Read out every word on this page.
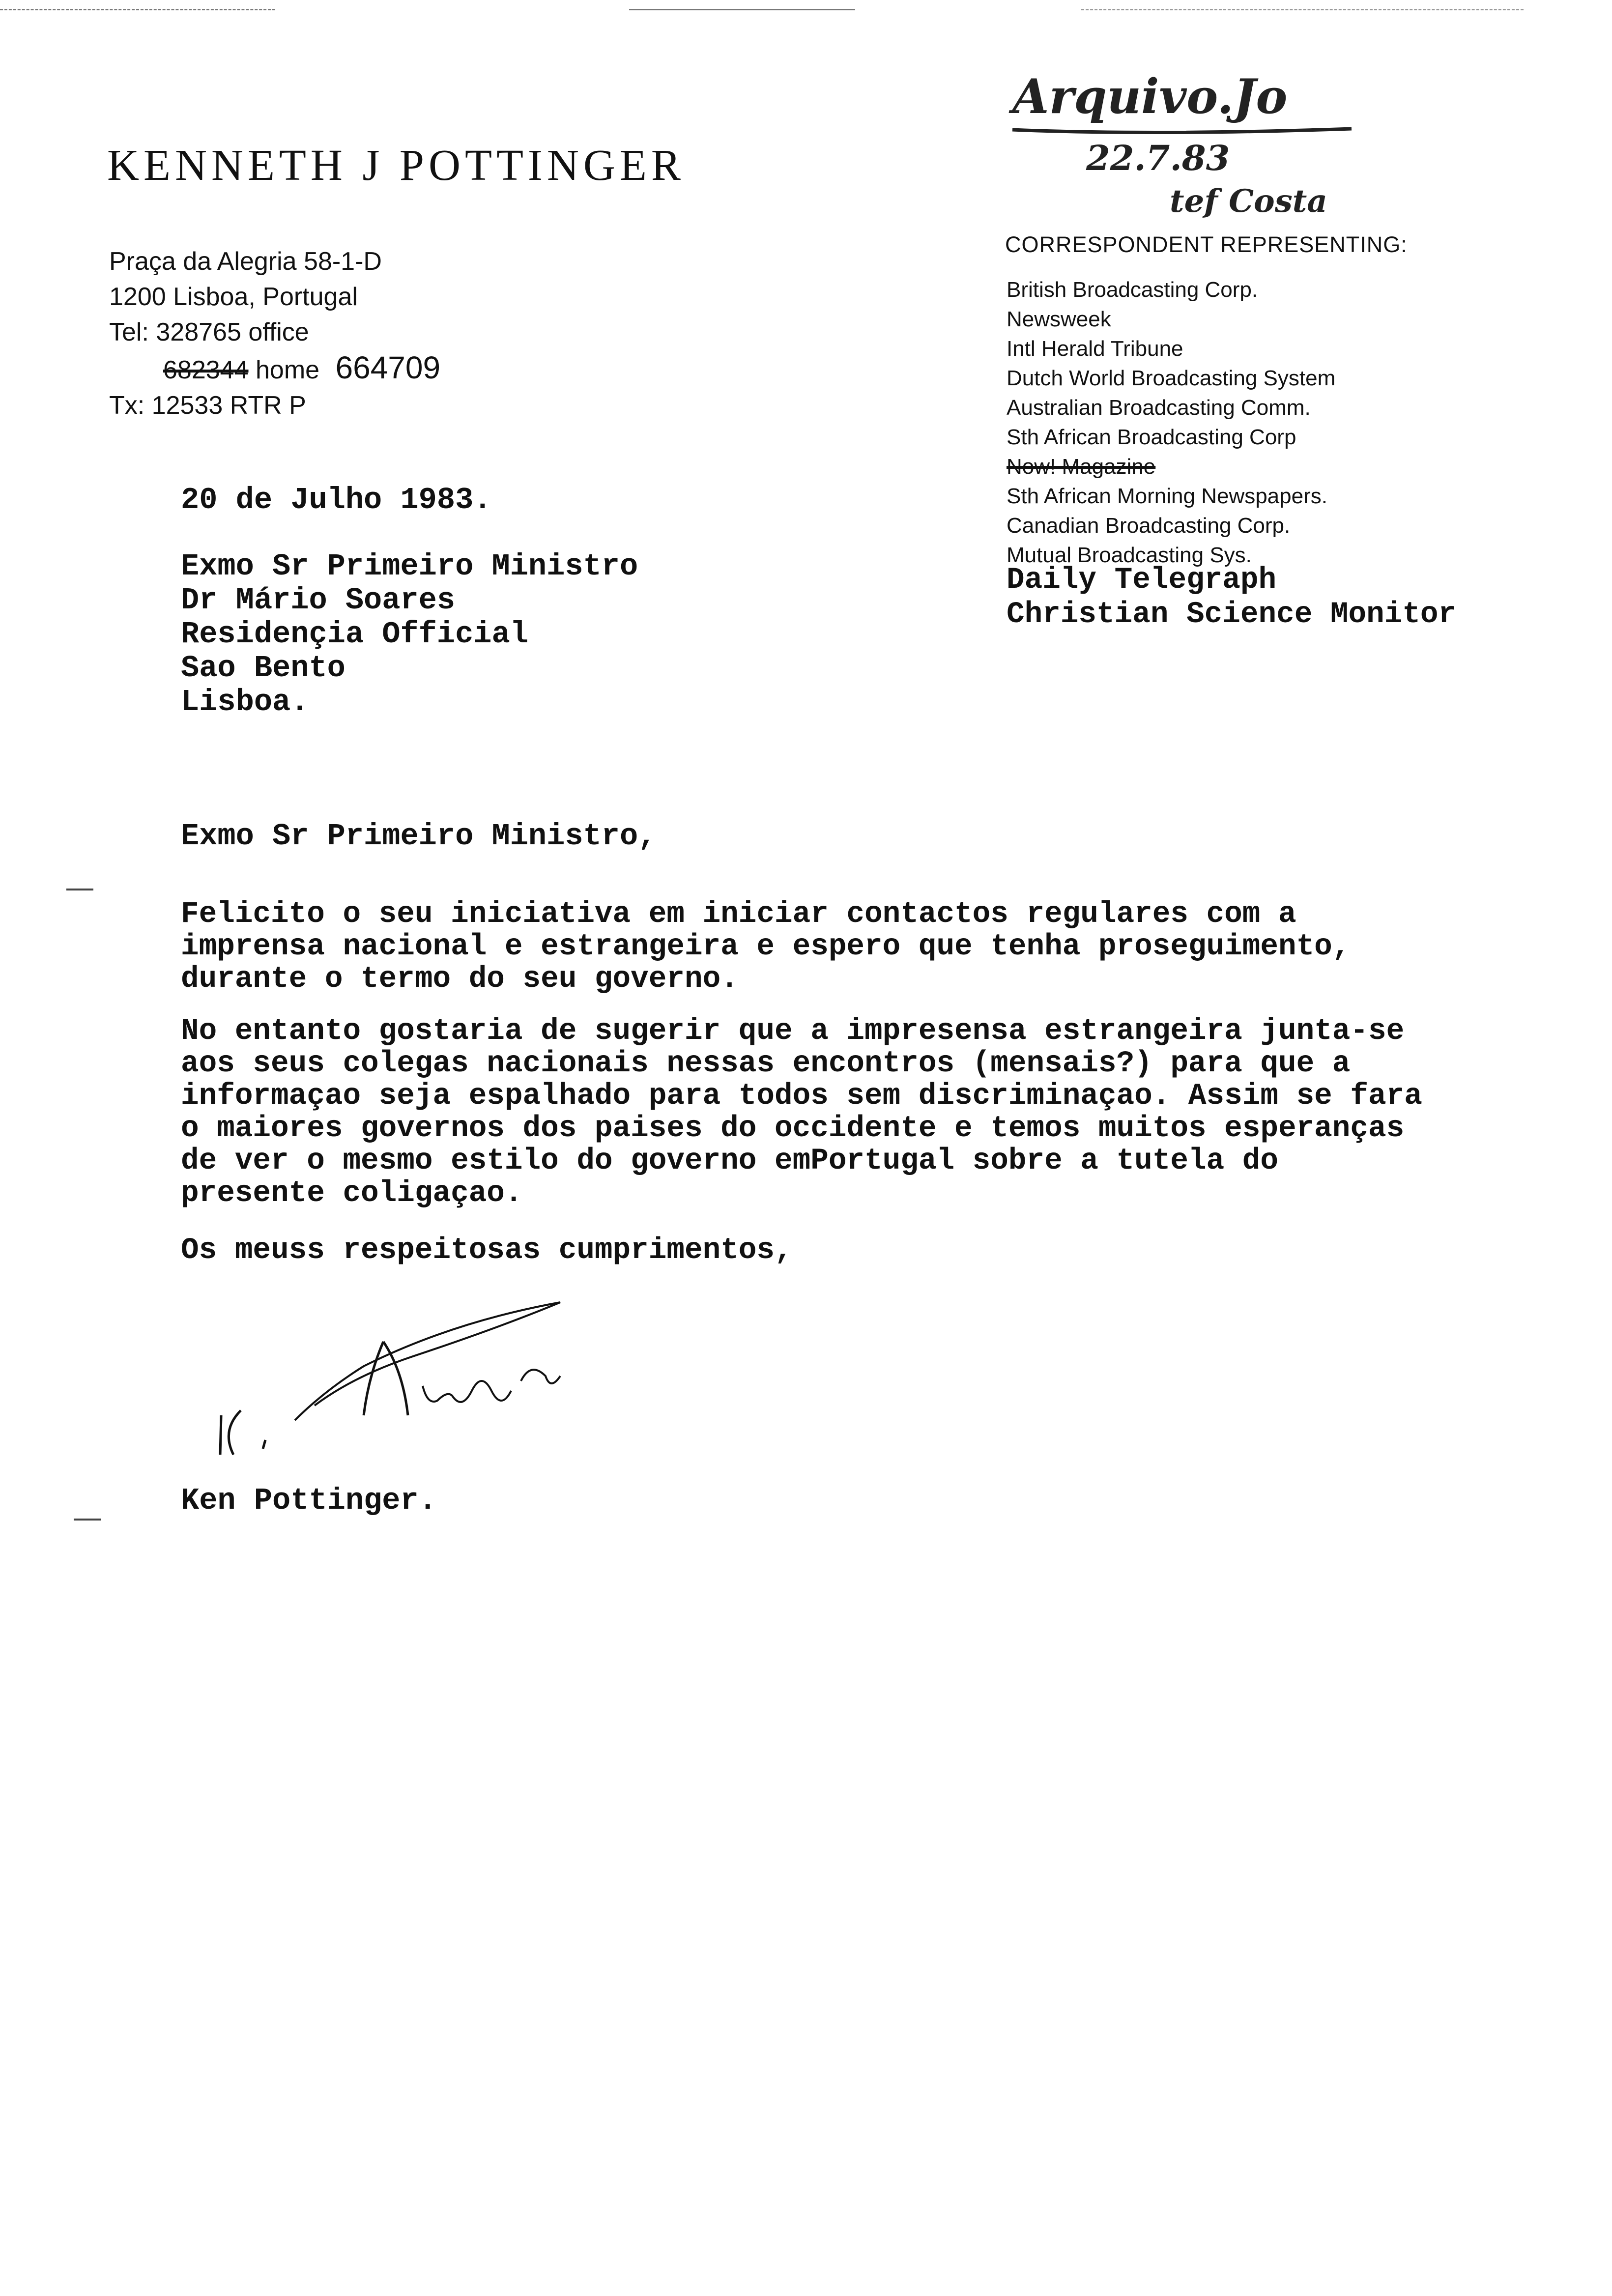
KENNETH J POTTINGER
Praça da Alegria 58-1-D
1200 Lisboa, Portugal
Tel: 328765 office
682344 home 664709
Tx: 12533 RTR P
Arquivo.Jo
22.7.83
tef Costa
CORRESPONDENT REPRESENTING:
British Broadcasting Corp.
Newsweek
Intl Herald Tribune
Dutch World Broadcasting System
Australian Broadcasting Comm.
Sth African Broadcasting Corp
Now! Magazine
Sth African Morning Newspapers.
Canadian Broadcasting Corp.
Mutual Broadcasting Sys.
Daily Telegraph
Christian Science Monitor
20 de Julho 1983.
Exmo Sr Primeiro Ministro
Dr Mário Soares
Residençia Official
Sao Bento
Lisboa.
Exmo Sr Primeiro Ministro,
Felicito o seu iniciativa em iniciar contactos regulares com a
imprensa nacional e estrangeira e espero que tenha proseguimento,
durante o termo do seu governo.
No entanto gostaria de sugerir que a impresensa estrangeira junta-se
aos seus colegas nacionais nessas encontros (mensais?) para que a
informaçao seja espalhado para todos sem discriminaçao. Assim se fara
o maiores governos dos paises do occidente e temos muitos esperanças
de ver o mesmo estilo do governo emPortugal sobre a tutela do
presente coligaçao.
Os meuss respeitosas cumprimentos,
Ken Pottinger.
